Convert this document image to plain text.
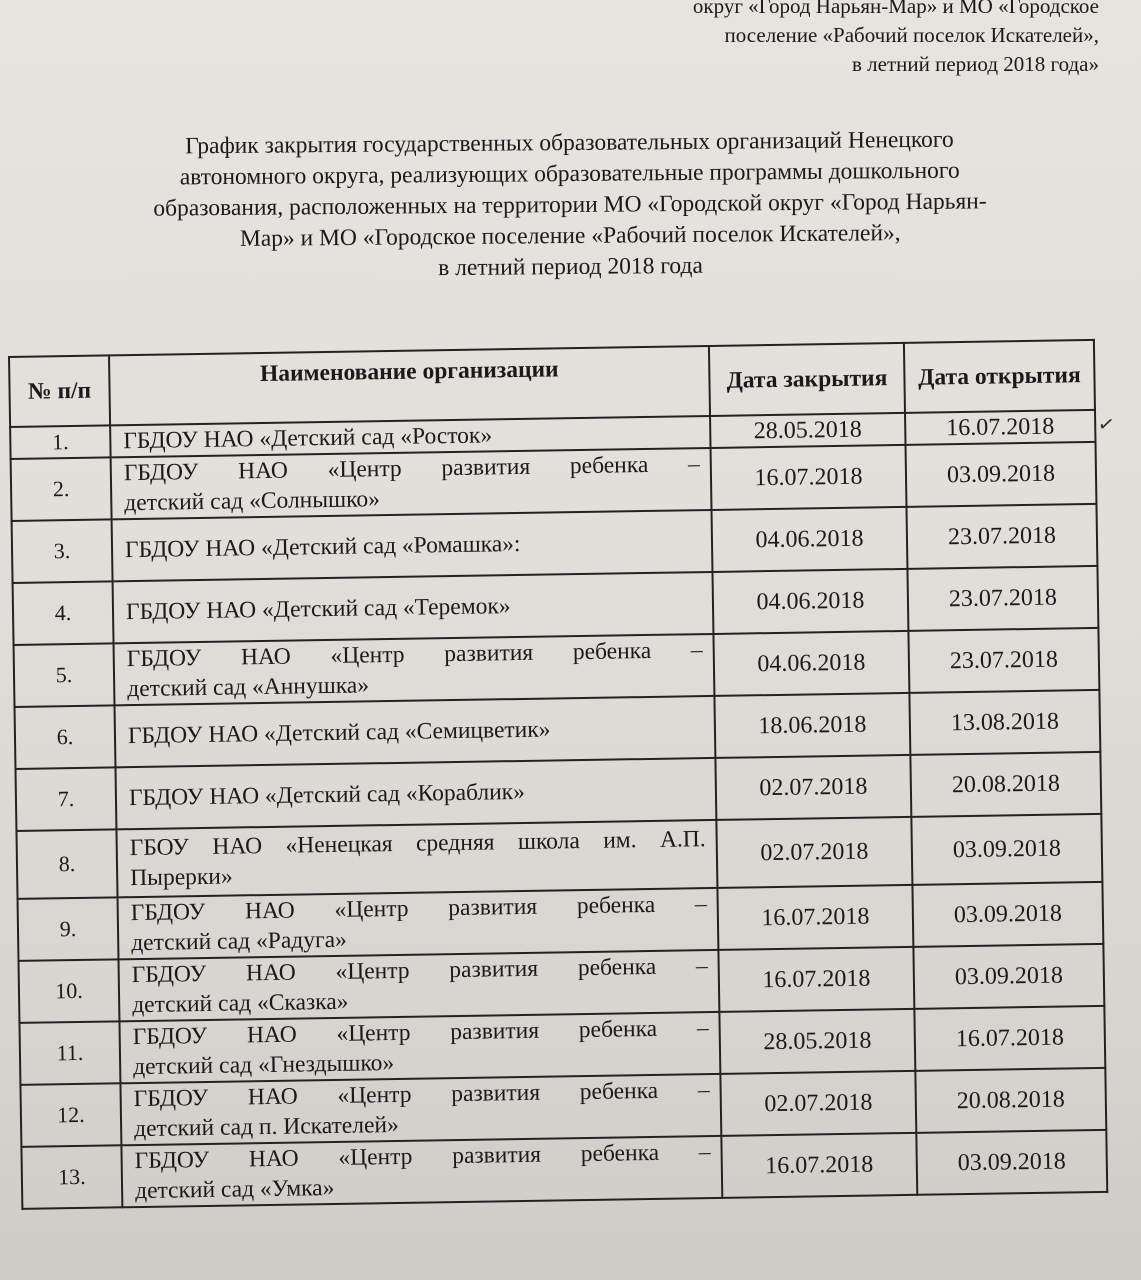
округ «Город Нарьян-Мар» и МО «Городское
поселение «Рабочий поселок Искателей»,
в летний период 2018 года»
График закрытия государственных образовательных организаций Ненецкого
автономного округа, реализующих образовательные программы дошкольного
образования, расположенных на территории МО «Городской округ «Город Нарьян-
Мар» и МО «Городское поселение «Рабочий поселок Искателей»,
в летний период 2018 года
№ п/п	Наименование организации	Дата закрытия	Дата открытия
1.	ГБДОУ НАО «Детский сад «Росток»	28.05.2018	16.07.2018
2.	ГБДОУ НАО «Центр развития ребенка –
детский сад «Солнышко»	16.07.2018	03.09.2018
3.	ГБДОУ НАО «Детский сад «Ромашка»:	04.06.2018	23.07.2018
4.	ГБДОУ НАО «Детский сад «Теремок»	04.06.2018	23.07.2018
5.	ГБДОУ НАО «Центр развития ребенка –
детский сад «Аннушка»	04.06.2018	23.07.2018
6.	ГБДОУ НАО «Детский сад «Семицветик»	18.06.2018	13.08.2018
7.	ГБДОУ НАО «Детский сад «Кораблик»	02.07.2018	20.08.2018
8.	ГБОУ НАО «Ненецкая средняя школа им. А.П.
Пырерки»	02.07.2018	03.09.2018
9.	ГБДОУ НАО «Центр развития ребенка –
детский сад «Радуга»	16.07.2018	03.09.2018
10.	ГБДОУ НАО «Центр развития ребенка –
детский сад «Сказка»	16.07.2018	03.09.2018
11.	ГБДОУ НАО «Центр развития ребенка –
детский сад «Гнездышко»	28.05.2018	16.07.2018
12.	ГБДОУ НАО «Центр развития ребенка –
детский сад п. Искателей»	02.07.2018	20.08.2018
13.	ГБДОУ НАО «Центр развития ребенка –
детский сад «Умка»	16.07.2018	03.09.2018
✓
